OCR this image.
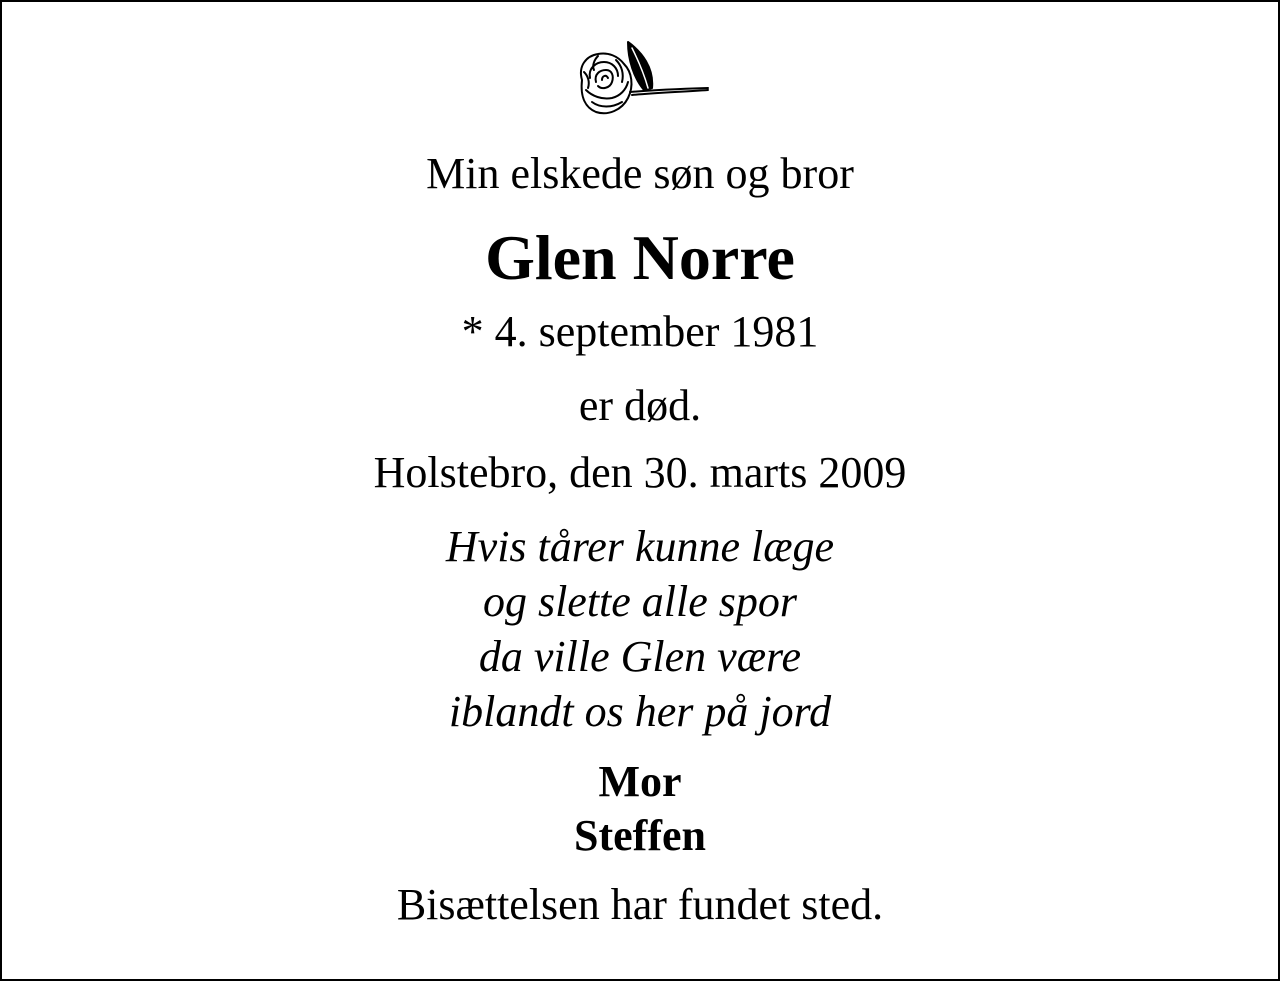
Min elskede søn og bror

Glen Norre

* 4. september 1981

er død.

Holstebro, den 30. marts 2009

Hvis tårer kunne læge
og slette alle spor
da ville Glen være
iblandt os her på jord
Mor
Steffen

Bisættelsen har fundet sted.
